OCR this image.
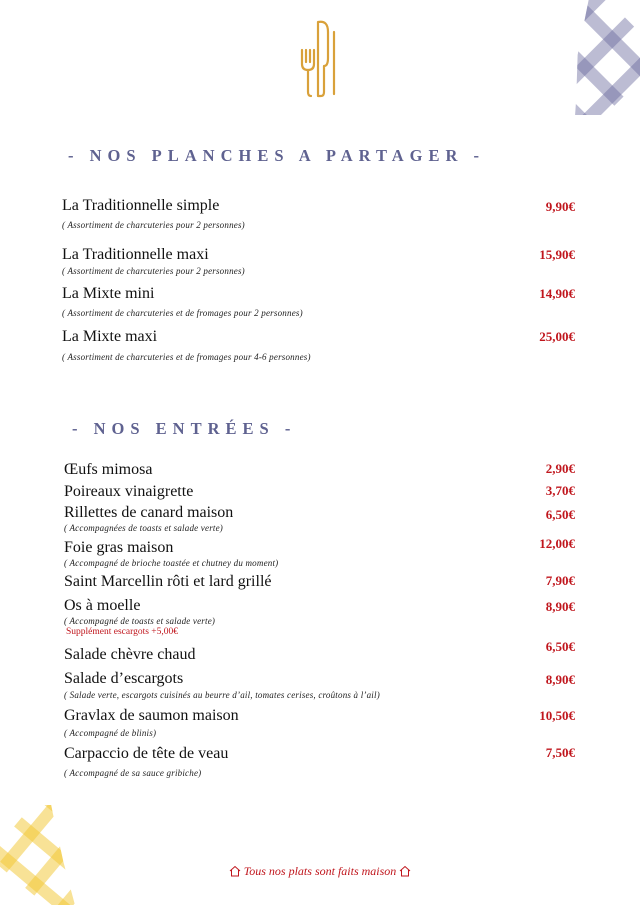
- NOS PLANCHES A PARTAGER -
La Traditionnelle simple
( Assortiment de charcuteries pour 2 personnes)
9,90€
La Traditionnelle maxi
( Assortiment de charcuteries pour 2 personnes)
15,90€
La Mixte mini
( Assortiment de charcuteries et de fromages pour 2 personnes)
14,90€
La Mixte maxi
( Assortiment de charcuteries et de fromages pour 4-6 personnes)
25,00€
- NOS ENTRÉES -
Œufs mimosa	2,90€
Poireaux vinaigrette	3,70€
Rillettes de canard maison
( Accompagnées de toasts et salade verte)
6,50€
Foie gras maison
( Accompagné de brioche toastée et chutney du moment)
12,00€
Saint Marcellin rôti et lard grillé	7,90€
Os à moelle
( Accompagné de toasts et salade verte)
Supplément escargots +5,00€
8,90€
Salade chèvre chaud	6,50€
Salade d’escargots
( Salade verte, escargots cuisinés au beurre d’ail, tomates cerises, croûtons à l’ail)
8,90€
Gravlax de saumon maison
( Accompagné de blinis)
10,50€
Carpaccio de tête de veau
( Accompagné de sa sauce gribiche)
7,50€
Tous nos plats sont faits maison
